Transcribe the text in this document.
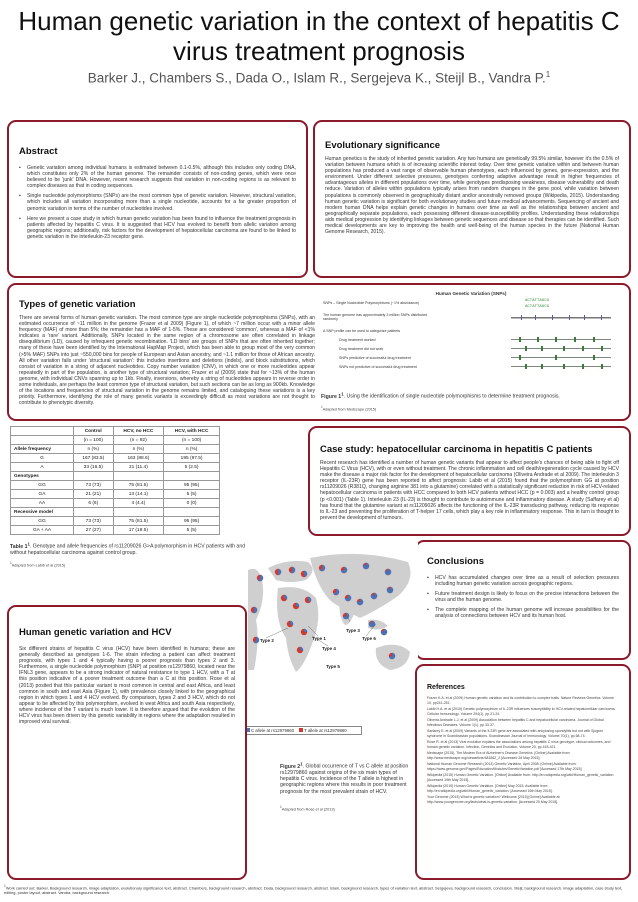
Human genetic variation in the context of hepatitis C virus treatment prognosis
Barker J., Chambers S., Dada O., Islam R., Sergejeva K., Steijl B., Vandra P.$^1$
Abstract
▪ Genetic variation among individual humans is estimated between 0.1-0.5%, although this includes only coding DNA, which constitutes only 2% of the human genome. The remainder consists of non-coding genes, which were once believed to be 'junk' DNA. However, recent research suggests that variation in non-coding regions is as relevant to complex diseases as that in coding sequences.
▪ Single nucleotide polymorphisms (SNPs) are the most common type of genetic variation. However, structural variation, which includes all variation incorporating more than a single nucleotide, accounts for a far greater proportion of genomic variation in terms of the number of nucleotides involved.
▪ Here we present a case study in which human genetic variation has been found to influence the treatment prognosis in patients affected by hepatitis C virus. It is suggested that HCV has evolved to benefit from allelic variation among geographic regions; additionally, risk factors for the development of hepatocellular carcinoma are found to be linked to genetic variation in the interleukin-23 receptor gene.
Evolutionary significance
Human genetics is the study of inherited genetic variation. Any two humans are genetically 99.5% similar, however it's the 0.5% of variation between humans which is of increasing scientific interest today. Over time genetic variation within and between human populations has produced a vast range of observable human phenotypes, each influenced by genes, gene-expression, and the environment. Under different selective pressures, genotypes conferring adaptive advantage result in higher frequencies of advantageous alleles in different populations over time, while genotypes predisposing weakness, disease vulnerability and death reduce. Variation of alleles within populations typically arises from random changes in the gene pool, while variation between populations is commonly observed in geographically distant and/or ancestrally removed groups (Wikipedia, 2015). Understanding human genetic variation is significant for both evolutionary studies and future medical advancements. Sequencing of ancient and modern human DNA helps explain genetic changes in humans over time as well as the relationships between ancient and geographically separate populations, each possessing different disease-susceptibility profiles. Understanding these relationships aids medical progression by identifying linkages between genetic sequences and disease so that therapies can be identified. Such medical developments are key to improving the health and well-being of the human species in the future (National Human Genome Research, 2015).
Types of genetic variation
There are several forms of human genetic variation. The most common type are single nucleotide polymorphisms (SNPs), with an estimated occurrence of ~11 million in the genome (Frazer et al 2009) (Figure 1), of which ~7 million occur with a minor allele frequency (MAF) of more than 5%; the remainder has a MAF of 1-5%. These are considered 'common', whereas a MAF of <1% indicates a 'rare' variant. Additionally, SNPs located in the same region of a chromosome are often correlated in linkage disequilibrium (LD), caused by infrequent genetic recombination. 'LD bins' are groups of SNPs that are often inherited together; many of these have been identified by the International HapMap Project, which has been able to group most of the very common (>5% MAF) SNPs into just ~550,000 bins for people of European and Asian ancestry, and ~1.1 million for those of African ancestry. All other variation falls under 'structural variation': this includes insertions and deletions (indels), and block substitutions, which consist of variation in a string of adjacent nucleotides. Copy number variation (CNV), in which one or more nucleotides appear repeatedly in part of the population, is another type of structural variation; Frazer et al (2009) state that for ~13% of the human genome, with individual CNVs spanning up to 1kb. Finally, inversions, whereby a string of nucleotides appears in reverse order in some individuals, are perhaps the least common type of structural variation, but such sections can be as long as 900kb. Knowledge of the locations and frequencies of structural variation in the genome remains limited, and cataloguing these variations is a key priority. Furthermore, identifying the role of many genetic variants is exceedingly difficult as most variations are not thought to contribute to phenotypic diversity.
Human Genetic Variation (SNPs)
SNPs – Single Nucleotide Polymorphisms (~1% abundance)	ACTATTAGCG
ACTATTAGCG
The human genome has approximately 3 million SNPs distributed randomly
A SNP profile can be used to categorize patients
Drug treatment worked
Drug treatment did not work
SNPs predictive of successful drug treatment
SNPs not predictive of successful drug treatment
Figure $1^1$. Using the identification of single nucleotide polymorphisms to determine treatment prognosis.
$^1$Adapted from Medscape (2015)
	Control	HCV, no HCC	HCV, with HCC
	(n = 100)	(n = 92)	(n = 100)
Allele frequency	n (%)	n (%)	n (%)
G	167 (83.5)	163 (88.6)	195 (97.5)
A	33 (16.5)	21 (11.4)	5 (2.5)
Genotypes			
GG	73 (73)	75 (81.5)	95 (95)
GA	21 (21)	13 (14.1)	5 (5)
AA	6 (6)	4 (4.4)	0 (0)
Recessive model			
GG	73 (73)	75 (81.5)	95 (95)
GA + AA	27 (27)	17 (18.5)	5 (5)
Table $1^1$. Genotype and allele frequencies of rs11209026 G>A polymorphism in HCV patients with and without hepatocellular carcinoma against control group.
$^1$Adapted from Labib et al (2015)
Case study: hepatocellular carcinoma in hepatitis C patients
Recent research has identified a number of human genetic variants that appear to affect people's chances of being able to fight off Hepatitis C Virus (HCV), with or even without treatment. The chronic inflammation and cell death/regeneration cycle caused by HCV make the disease a major risk factor for the development of hepatocellular carcinoma (Oliveira Andrade et al 2009). The interleukin 3 receptor (IL-23R) gene has been reported to affect prognosis: Labib et al (2015) found that the polymorphism GG at position rs11209026 (R381Q, changing arginine 381 into a glutamine) correlated with a statistically significant reduction in risk of HCV-related hepatocellular carcinoma in patients with HCC compared to both HCV patients without HCC (p = 0.003) and a healthy control group (p <0.001) (Table 1). Interleukin 23 (IL-23) is thought to contribute to autoimmune and inflammatory disease. A study (Saffarey et al) has found that the glutamine variant at rs11209026 affects the functioning of the IL-23R transducing pathway, reducing its response to IL-23 and preventing the proliferation of T-helper 17 cells, which play a key role in inflammatory response. This in turn is thought to prevent the development of tumours.
Conclusions
▪ HCV has accumulated changes over time as a result of selection pressures including human genetic variation across geographic regions.
▪ Future treatment design is likely to focus on the precise interactions between the virus and the human genome.
▪ The complete mapping of the human genome will increase possibilities for the analysis of connections between HCV and its human host.
Type 1
Type 2
Type 3
Type 4
Type 5
Type 6
C allele at rs12979860 T allele at rs12979860
Figure $2^1$. Global occurrence of T vs C allele at position rs12979860 against origins of the six main types of hepatitis C virus. Incidence of the T allele is highest in geographic regions where this results in poor treatment prognosis for the most prevalent strain of HCV.
$^1$Adapted from Rose et al (2013)
Human genetic variation and HCV
Six different strains of hepatitis C virus (HCV) have been identified in humans; these are generally described as genotypes 1-6. The strain infecting a patient can affect treatment prognosis, with types 1 and 4 typically having a poorer prognosis than types 2 and 3. Furthermore, a single nucleotide polymorphism (SNP) at position rs12979860, located near the IFNL3 gene, appears to be a strong indicator of natural resistance to type 1 HCV, with a T at this position indicative of a poorer treatment outcome than a C at this position. Rose et al (2013) posited that this particular variant is most common in central and east Africa, and least common in south and east Asia (Figure 1), with prevalence closely linked to the geographical region in which types 1 and 4 HCV evolved. By comparison, types 2 and 3 HCV, which do not appear to be affected by this polymorphism, evolved in west Africa and south Asia respectively, where incidence of the T variant is much lower. It is therefore argued that the evolution of the HCV virus has been driven by this genetic variability in regions where the adaptation resulted in improved viral survival.
References
Frazer K.A. et al (2009) Human genetic variation and its contribution to complex traits. Nature Reviews Genetics. Volume 10, pp241-251.
Labib H.A. et al (2015) Genetic polymorphism of IL-23R influences susceptibility to HCV-related hepatocellular carcinoma. Cellular Immunology. Volume 294(1), pp.21-24.
Oliveira Andrade L.J. et al (2009) Association between hepatitis C and hepatocellular carcinoma. Journal of Global Infectious Diseases. Volume 1(1), pp.33-37.
Sarfarey E. et al (2009) Variants of the IL23R gene are associated with ankylosing spondylitis but not with Sjogren syndrome in Scandinavian populations. Scandinavian Journal of Immunology. Volume 70(1), pp.68-74.
Rose R. et al (2013) Viral evolution explains the associations among hepatitis C virus genotype, clinical outcomes, and human genetic variation. Infection, Genetics and Evolution. Volume 20, pp.418-421.
Medscape (2015). The Modern Era of Alzheimer's Disease Genetics. [Online] Available from: http://www.medscape.org/viewarticle/481862_2 [Accessed 26 May 2015].
National Human Genome Research (2013) Genetic Variation, April 2008. [Online] Available from: https://www.genome.gov/Pages/Education/Modules/GeneticVariation.pdf [Accessed 17th May 2015].
Wikipedia (2015) Human Genetic Variation. [Online] Available from: http://en.wikipedia.org/wiki/Human_genetic_variation [Accessed 19th May 2015].
Wikipedia (2015) Human Genetic Variation. [Online] May 2015. Available from: http://en.wikipedia.org/wiki/Human_genetic_variation. [Accessed 16th May 2015].
Your Genome (2015) What is genetic variation? Wellcome [2015] [Online] Available at: http://www.yourgenome.org/facts/what-is-genetic-variation. [Accessed 20 May 2015].
$^1$Work carried out: Barker, Background research, image adaptation, evolutionary significance text, abstract. Chambers, background research, abstract. Dada, background research, abstract. Islam, background research, types of variation text, abstract. Sergejeva, background research, conclusion. Steijl, background research, image adaptation, case study text, editing, poster layout, abstract. Vandra, background research.
